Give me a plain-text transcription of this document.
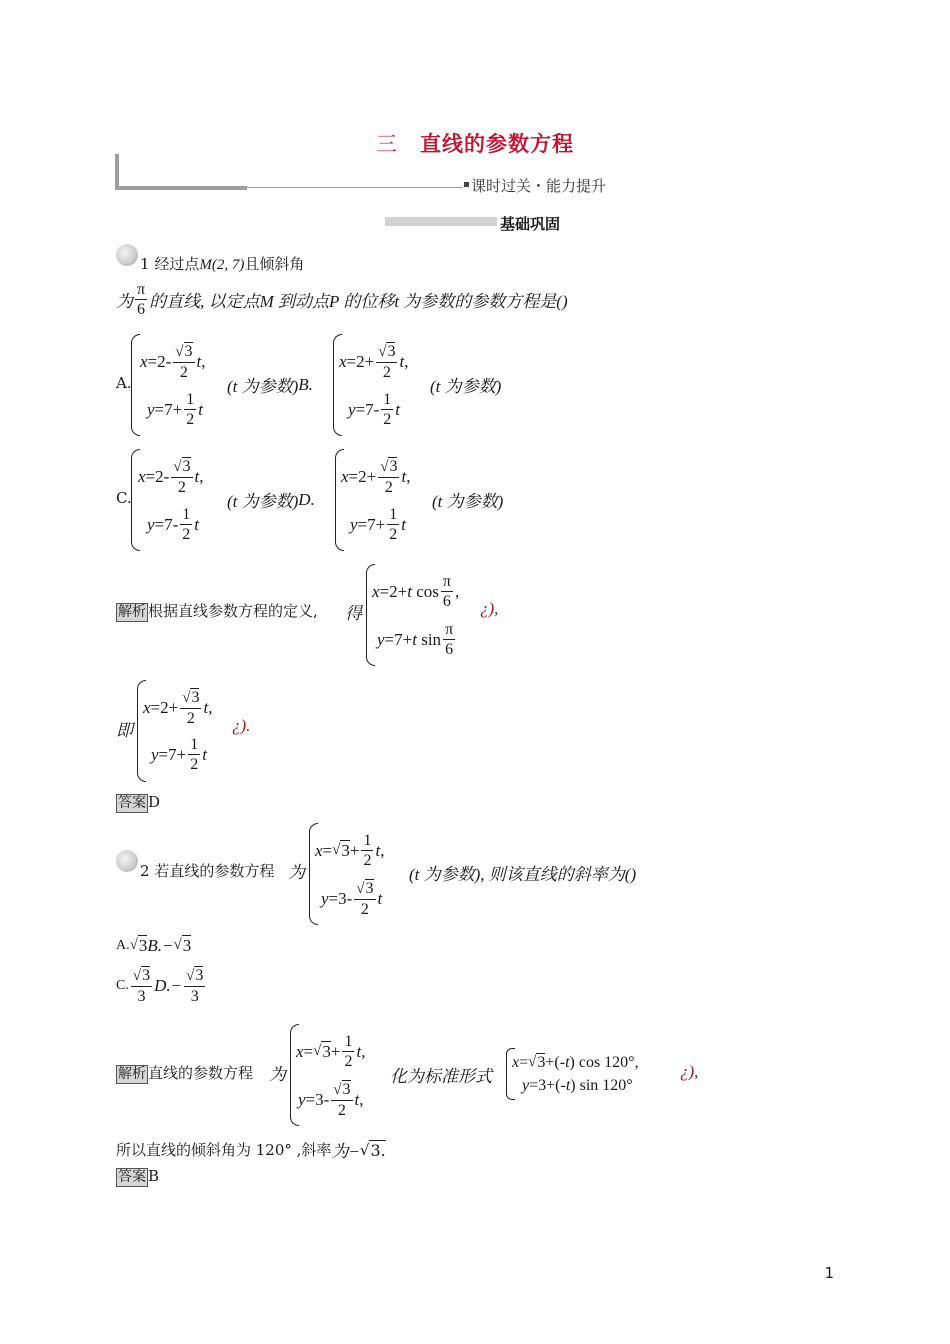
三 直线的参数方程
课时过关・能力提升
基础巩固
1 经过点M(2, 7)且倾斜角
为 $\frac{\pi}{6}$ 的直线, 以定点M 到动点P 的位移t 为参数的参数方程是()
A.
$x =2- \frac{√3}{2}$ t ,
$y =7+ \frac{1}{2}$ t
(t 为参数) B.
$x =2+ \frac{√3}{2}$ t ,
$y =7- \frac{1}{2}$ t
(t 为参数)
C.
$x =2- \frac{√3}{2}$ t ,
$y =7- \frac{1}{2}$ t
(t 为参数) D.
$x =2+ \frac{√3}{2}$ t ,
$y =7+ \frac{1}{2}$ t
(t 为参数)
解析 根据直线参数方程的定义, 得
x =2+ t $\cos \frac{\pi}{6}$ ,
y =7+ t $\sin \frac{\pi}{6}$
¿),
即
$x =2+ \frac{√3}{2}$ t ,
$y =7+ \frac{1}{2}$ t
¿).
答案 D
2 若直线的参数方程 为
x = √ $3 + \frac{1}{2}$ t ,
$y =3- \frac{√3}{2}$ t
(t 为参数), 则该直线的斜率为()
A. √ 3 B.− √ 3
C. $\frac{√3}{3} D.- \frac{√3}{3}$
解析 直线的参数方程 为
x = √ $3 + \frac{1}{2}$ t ,
$y =3- \frac{√3}{2}$ t ,
化为标准形式
x = √ 3 +(- t ) cos 120°,
y =3+(- t ) sin 120°
¿),
所以直线的倾斜角为 120° ,斜率 为− √ 3.
答案 B
1
